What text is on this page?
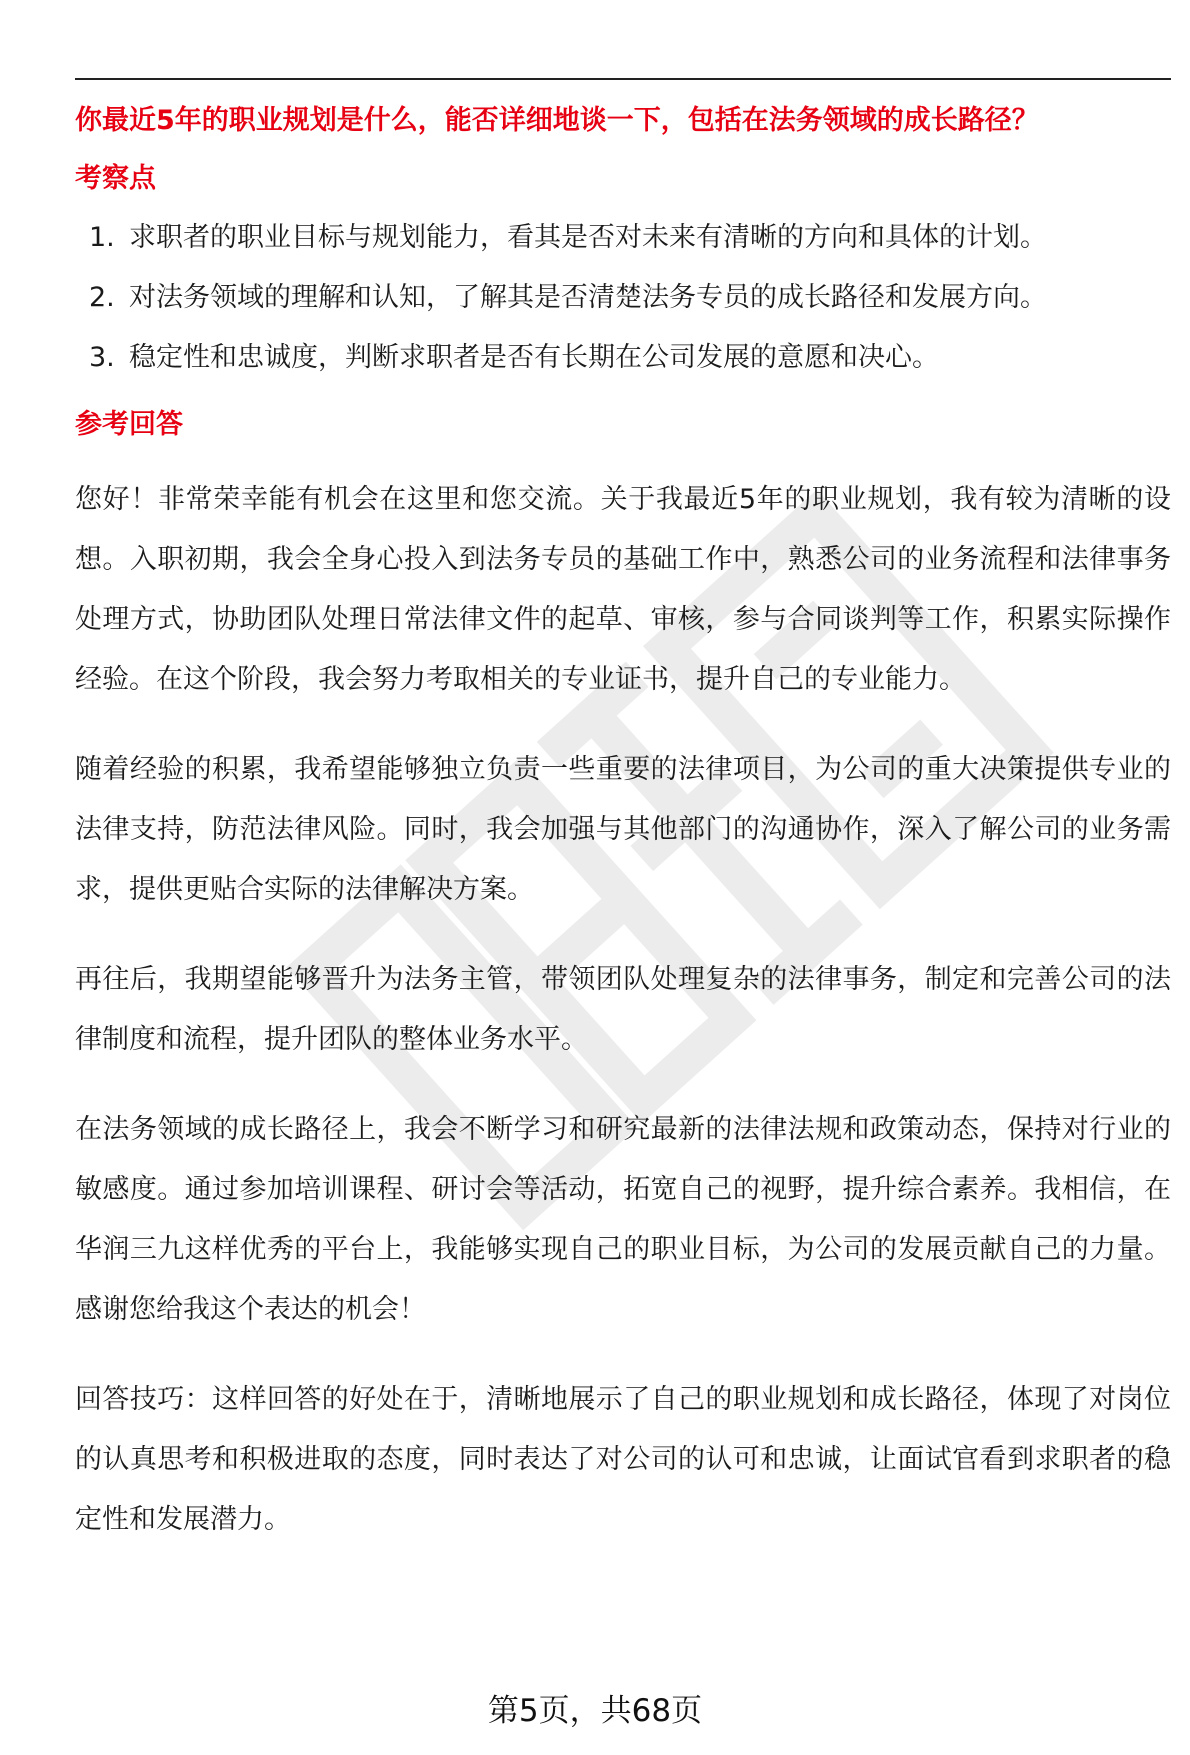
你最近5年的职业规划是什么，能否详细地谈一下，包括在法务领域的成长路径？

考察点

1. 求职者的职业目标与规划能力，看其是否对未来有清晰的方向和具体的计划。
2. 对法务领域的理解和认知，了解其是否清楚法务专员的成长路径和发展方向。
3. 稳定性和忠诚度，判断求职者是否有长期在公司发展的意愿和决心。

参考回答

您好！非常荣幸能有机会在这里和您交流。关于我最近5年的职业规划，我有较为清晰的设想。入职初期，我会全身心投入到法务专员的基础工作中，熟悉公司的业务流程和法律事务处理方式，协助团队处理日常法律文件的起草、审核，参与合同谈判等工作，积累实际操作经验。在这个阶段，我会努力考取相关的专业证书，提升自己的专业能力。

随着经验的积累，我希望能够独立负责一些重要的法律项目，为公司的重大决策提供专业的法律支持，防范法律风险。同时，我会加强与其他部门的沟通协作，深入了解公司的业务需求，提供更贴合实际的法律解决方案。

再往后，我期望能够晋升为法务主管，带领团队处理复杂的法律事务，制定和完善公司的法律制度和流程，提升团队的整体业务水平。

在法务领域的成长路径上，我会不断学习和研究最新的法律法规和政策动态，保持对行业的敏感度。通过参加培训课程、研讨会等活动，拓宽自己的视野，提升综合素养。我相信，在华润三九这样优秀的平台上，我能够实现自己的职业目标，为公司的发展贡献自己的力量。感谢您给我这个表达的机会！

回答技巧：这样回答的好处在于，清晰地展示了自己的职业规划和成长路径，体现了对岗位的认真思考和积极进取的态度，同时表达了对公司的认可和忠诚，让面试官看到求职者的稳定性和发展潜力。

第5页，共68页
